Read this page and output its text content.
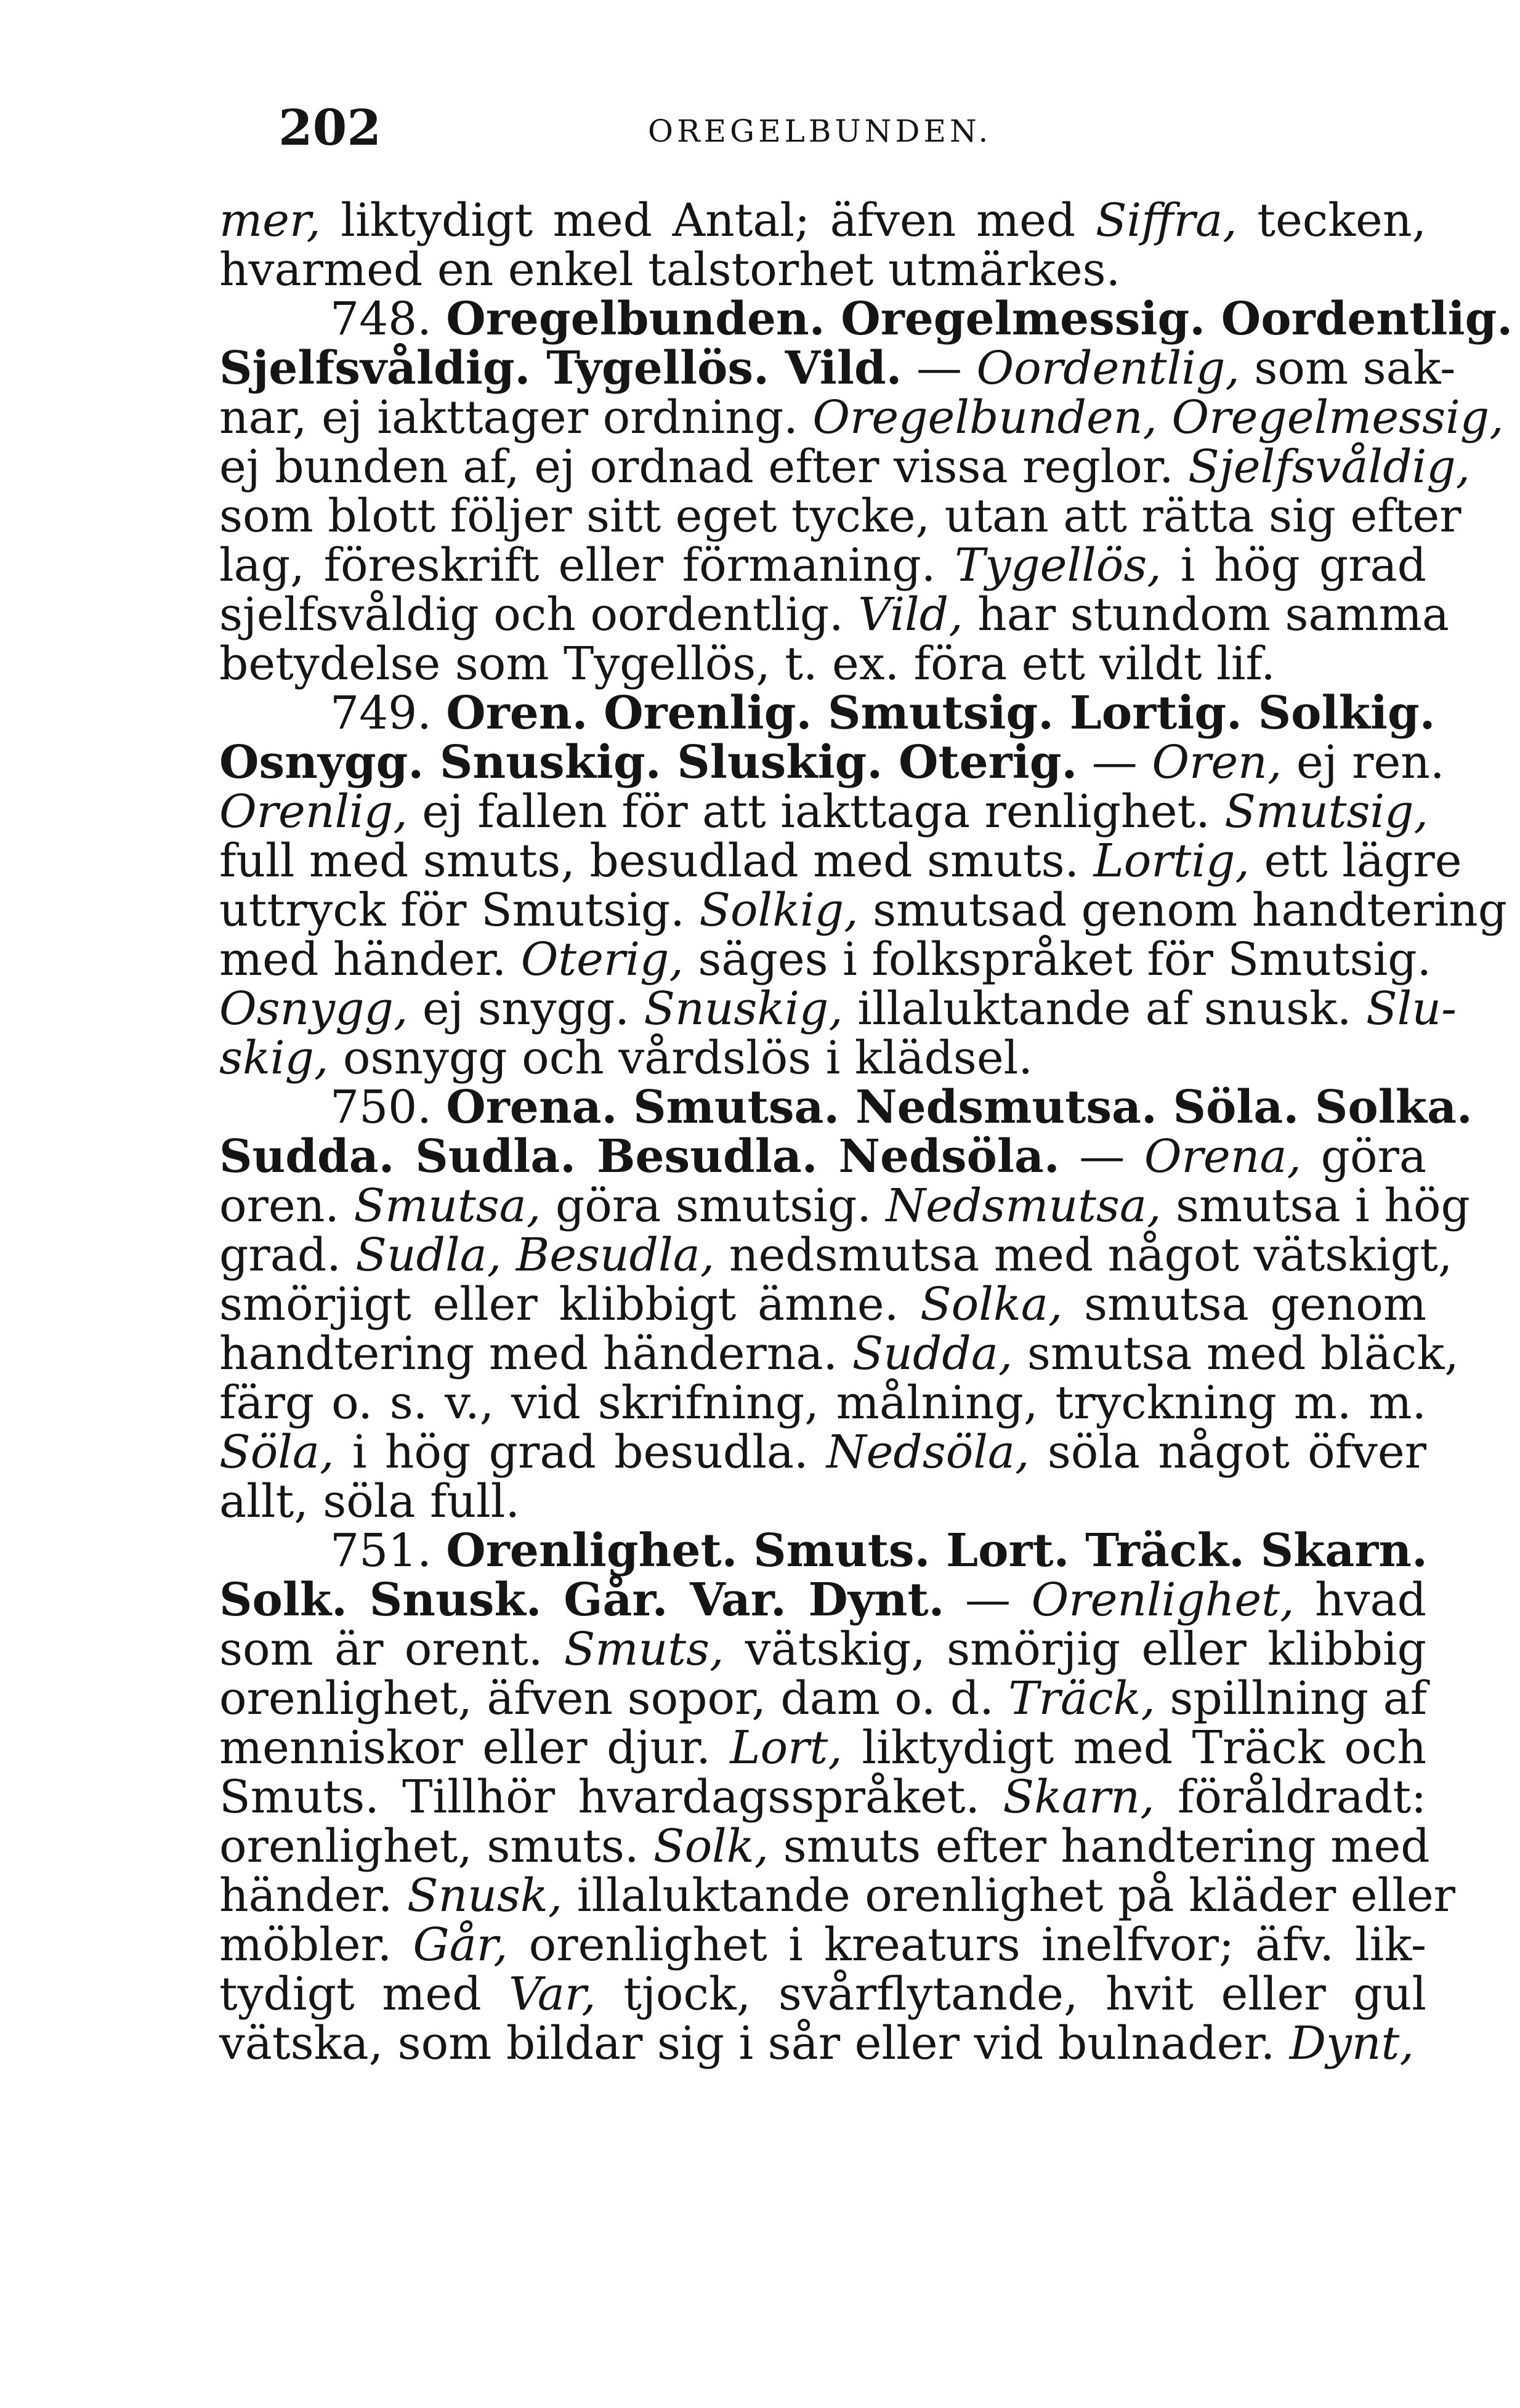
202	OREGELBUNDEN.
mer, liktydigt med Antal; äfven med Siffra, tecken,
hvarmed en enkel talstorhet utmärkes.
748. Oregelbunden. Oregelmessig. Oordentlig.
Sjelfsvåldig. Tygellös. Vild. — Oordentlig, som sak-
nar, ej iakttager ordning. Oregelbunden, Oregelmessig,
ej bunden af, ej ordnad efter vissa reglor. Sjelfsvåldig,
som blott följer sitt eget tycke, utan att rätta sig efter
lag, föreskrift eller förmaning. Tygellös, i hög grad
sjelfsvåldig och oordentlig. Vild, har stundom samma
betydelse som Tygellös, t. ex. föra ett vildt lif.
749. Oren. Orenlig. Smutsig. Lortig. Solkig.
Osnygg. Snuskig. Sluskig. Oterig. — Oren, ej ren.
Orenlig, ej fallen för att iakttaga renlighet. Smutsig,
full med smuts, besudlad med smuts. Lortig, ett lägre
uttryck för Smutsig. Solkig, smutsad genom handtering
med händer. Oterig, säges i folkspråket för Smutsig.
Osnygg, ej snygg. Snuskig, illaluktande af snusk. Slu-
skig, osnygg och vårdslös i klädsel.
750. Orena. Smutsa. Nedsmutsa. Söla. Solka.
Sudda. Sudla. Besudla. Nedsöla. — Orena, göra
oren. Smutsa, göra smutsig. Nedsmutsa, smutsa i hög
grad. Sudla, Besudla, nedsmutsa med något vätskigt,
smörjigt eller klibbigt ämne. Solka, smutsa genom
handtering med händerna. Sudda, smutsa med bläck,
färg o. s. v., vid skrifning, målning, tryckning m. m.
Söla, i hög grad besudla. Nedsöla, söla något öfver
allt, söla full.
751. Orenlighet. Smuts. Lort. Träck. Skarn.
Solk. Snusk. Går. Var. Dynt. — Orenlighet, hvad
som är orent. Smuts, vätskig, smörjig eller klibbig
orenlighet, äfven sopor, dam o. d. Träck, spillning af
menniskor eller djur. Lort, liktydigt med Träck och
Smuts. Tillhör hvardagsspråket. Skarn, föråldradt:
orenlighet, smuts. Solk, smuts efter handtering med
händer. Snusk, illaluktande orenlighet på kläder eller
möbler. Går, orenlighet i kreaturs inelfvor; äfv. lik-
tydigt med Var, tjock, svårflytande, hvit eller gul
vätska, som bildar sig i sår eller vid bulnader. Dynt,
